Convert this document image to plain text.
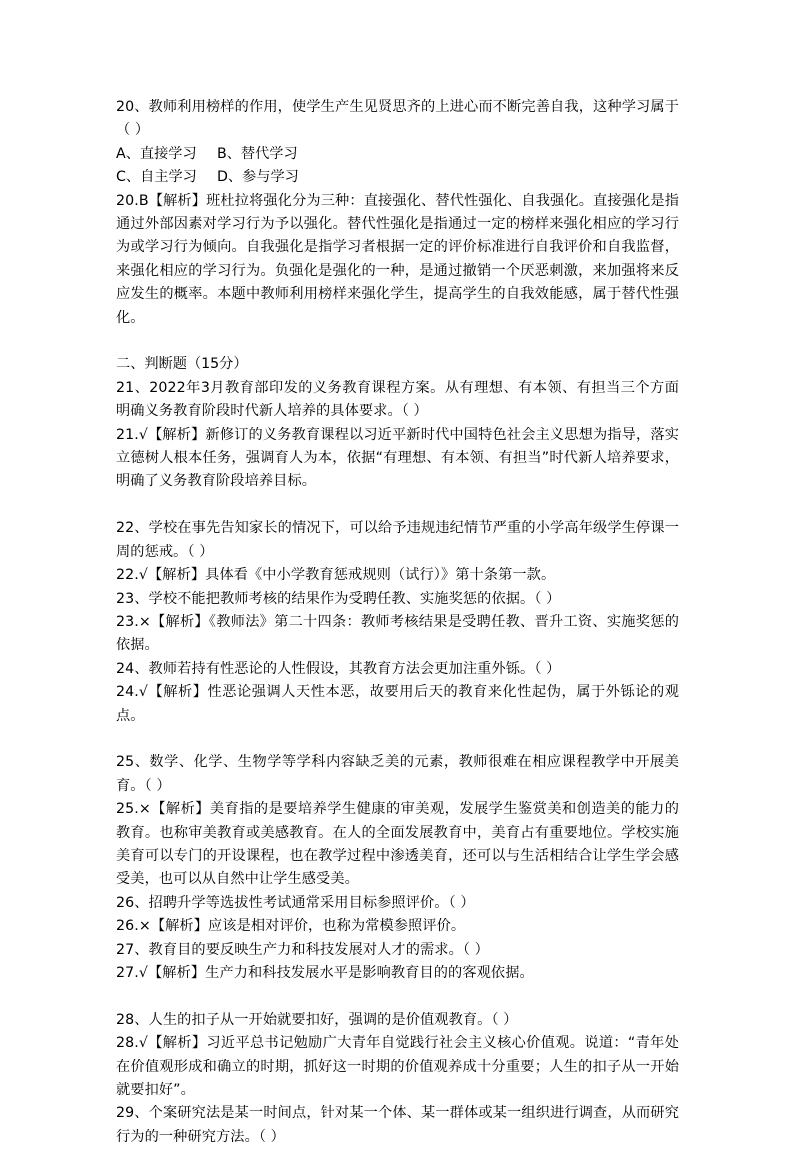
20、教师利用榜样的作用，使学生产生见贤思齐的上进心而不断完善自我，这种学习属于（ ）

A、直接学习 B、替代学习

C、自主学习 D、参与学习

20.B【解析】班杜拉将强化分为三种：直接强化、替代性强化、自我强化。直接强化是指通过外部因素对学习行为予以强化。替代性强化是指通过一定的榜样来强化相应的学习行为或学习行为倾向。自我强化是指学习者根据一定的评价标准进行自我评价和自我监督，来强化相应的学习行为。负强化是强化的一种，是通过撤销一个厌恶刺激，来加强将来反应发生的概率。本题中教师利用榜样来强化学生，提高学生的自我效能感，属于替代性强化。

二、判断题（15分）

21、2022年3月教育部印发的义务教育课程方案。从有理想、有本领、有担当三个方面明确义务教育阶段时代新人培养的具体要求。（ ）

21.√【解析】新修订的义务教育课程以习近平新时代中国特色社会主义思想为指导，落实立德树人根本任务，强调育人为本，依据“有理想、有本领、有担当”时代新人培养要求，明确了义务教育阶段培养目标。

22、学校在事先告知家长的情况下，可以给予违规违纪情节严重的小学高年级学生停课一周的惩戒。（ ）

22.√【解析】具体看《中小学教育惩戒规则（试行）》第十条第一款。

23、学校不能把教师考核的结果作为受聘任教、实施奖惩的依据。（ ）

23.×【解析】《教师法》第二十四条：教师考核结果是受聘任教、晋升工资、实施奖惩的依据。

24、教师若持有性恶论的人性假设，其教育方法会更加注重外铄。（ ）

24.√【解析】性恶论强调人天性本恶，故要用后天的教育来化性起伪，属于外铄论的观点。

25、数学、化学、生物学等学科内容缺乏美的元素，教师很难在相应课程教学中开展美育。（ ）

25.×【解析】美育指的是要培养学生健康的审美观，发展学生鉴赏美和创造美的能力的教育。也称审美教育或美感教育。在人的全面发展教育中，美育占有重要地位。学校实施美育可以专门的开设课程，也在教学过程中渗透美育，还可以与生活相结合让学生学会感受美，也可以从自然中让学生感受美。

26、招聘升学等选拔性考试通常采用目标参照评价。（ ）

26.×【解析】应该是相对评价，也称为常模参照评价。

27、教育目的要反映生产力和科技发展对人才的需求。（ ）

27.√【解析】生产力和科技发展水平是影响教育目的的客观依据。

28、人生的扣子从一开始就要扣好，强调的是价值观教育。（ ）

28.√【解析】习近平总书记勉励广大青年自觉践行社会主义核心价值观。说道：“青年处在价值观形成和确立的时期，抓好这一时期的价值观养成十分重要；人生的扣子从一开始就要扣好”。

29、个案研究法是某一时间点，针对某一个体、某一群体或某一组织进行调查，从而研究行为的一种研究方法。（ ）
